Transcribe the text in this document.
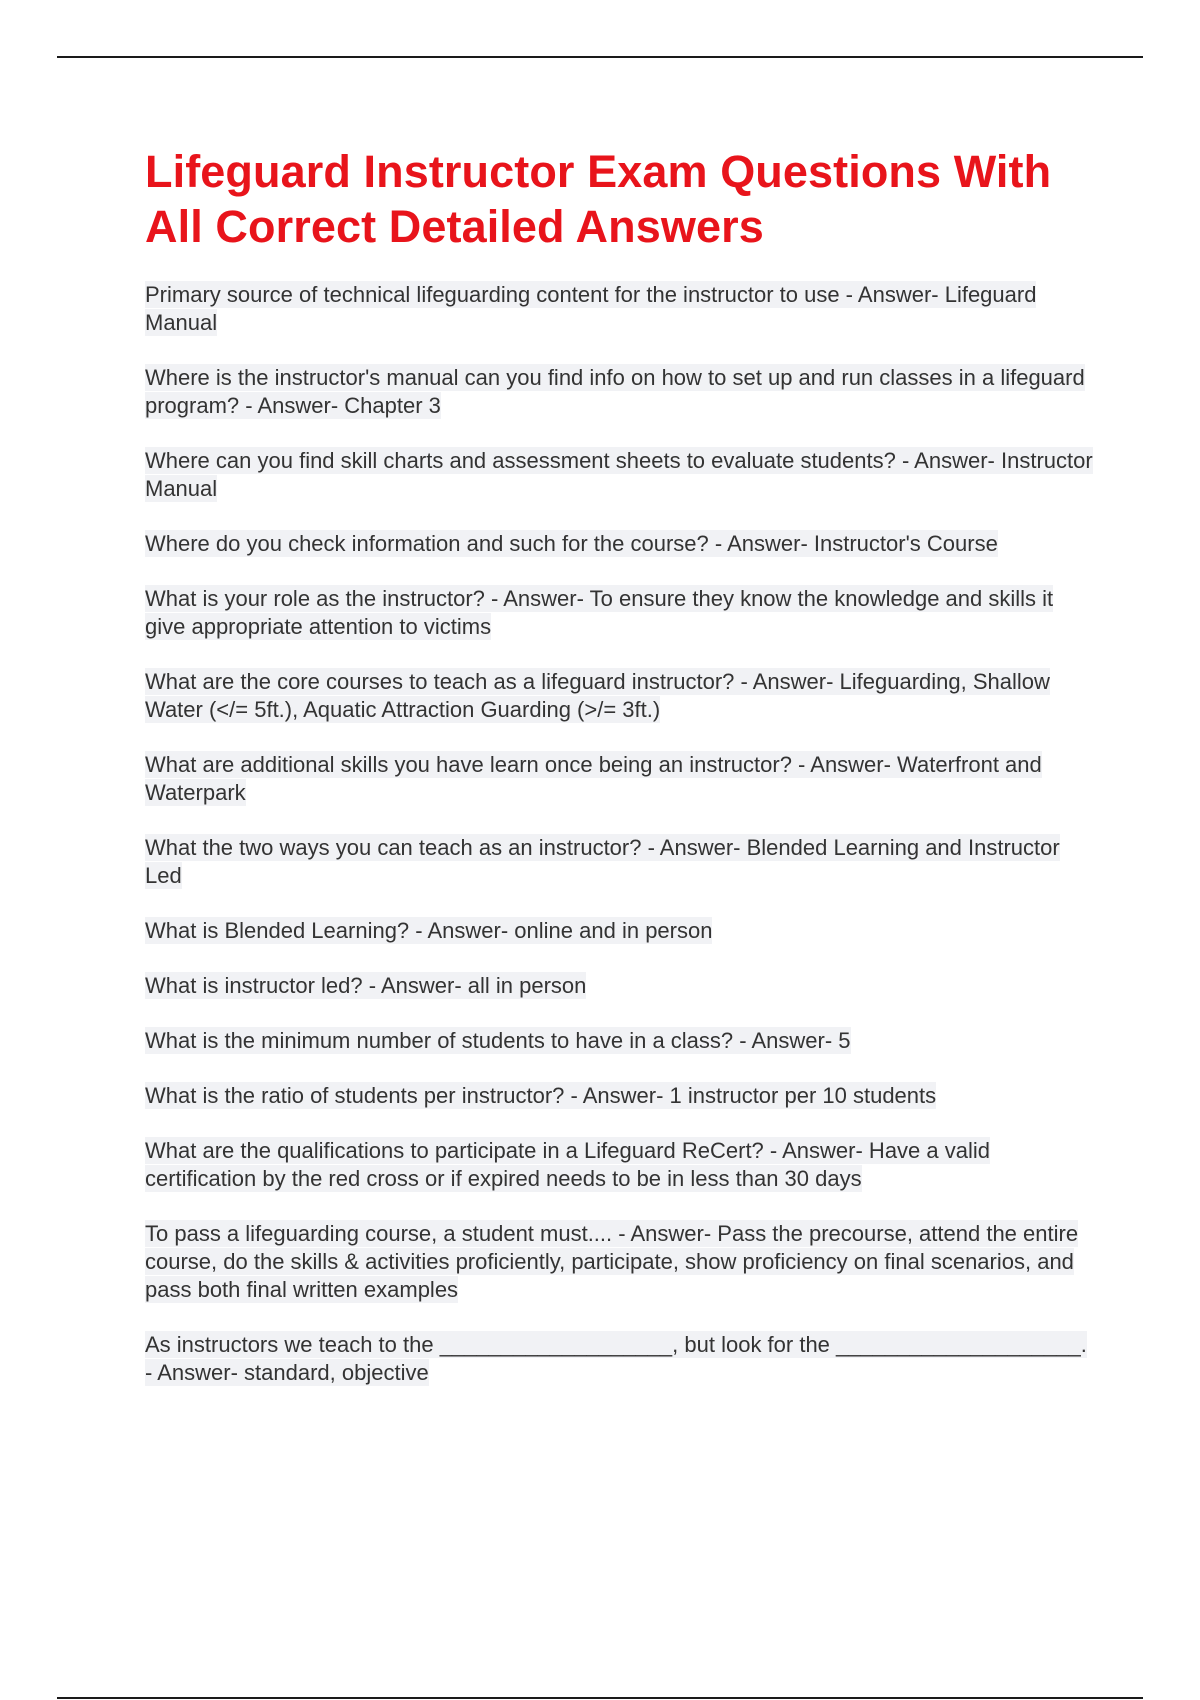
Lifeguard Instructor Exam Questions With All Correct Detailed Answers

Primary source of technical lifeguarding content for the instructor to use - Answer- Lifeguard Manual

Where is the instructor's manual can you find info on how to set up and run classes in a lifeguard program? - Answer- Chapter 3

Where can you find skill charts and assessment sheets to evaluate students? - Answer- Instructor Manual

Where do you check information and such for the course? - Answer- Instructor's Course

What is your role as the instructor? - Answer- To ensure they know the knowledge and skills it give appropriate attention to victims

What are the core courses to teach as a lifeguard instructor? - Answer- Lifeguarding, Shallow Water (</= 5ft.), Aquatic Attraction Guarding (>/= 3ft.)

What are additional skills you have learn once being an instructor? - Answer- Waterfront and Waterpark

What the two ways you can teach as an instructor? - Answer- Blended Learning and Instructor Led

What is Blended Learning? - Answer- online and in person

What is instructor led? - Answer- all in person

What is the minimum number of students to have in a class? - Answer- 5

What is the ratio of students per instructor? - Answer- 1 instructor per 10 students

What are the qualifications to participate in a Lifeguard ReCert? - Answer- Have a valid certification by the red cross or if expired needs to be in less than 30 days

To pass a lifeguarding course, a student must.... - Answer- Pass the precourse, attend the entire course, do the skills & activities proficiently, participate, show proficiency on final scenarios, and pass both final written examples

As instructors we teach to the ___________________, but look for the ____________________. - Answer- standard, objective
